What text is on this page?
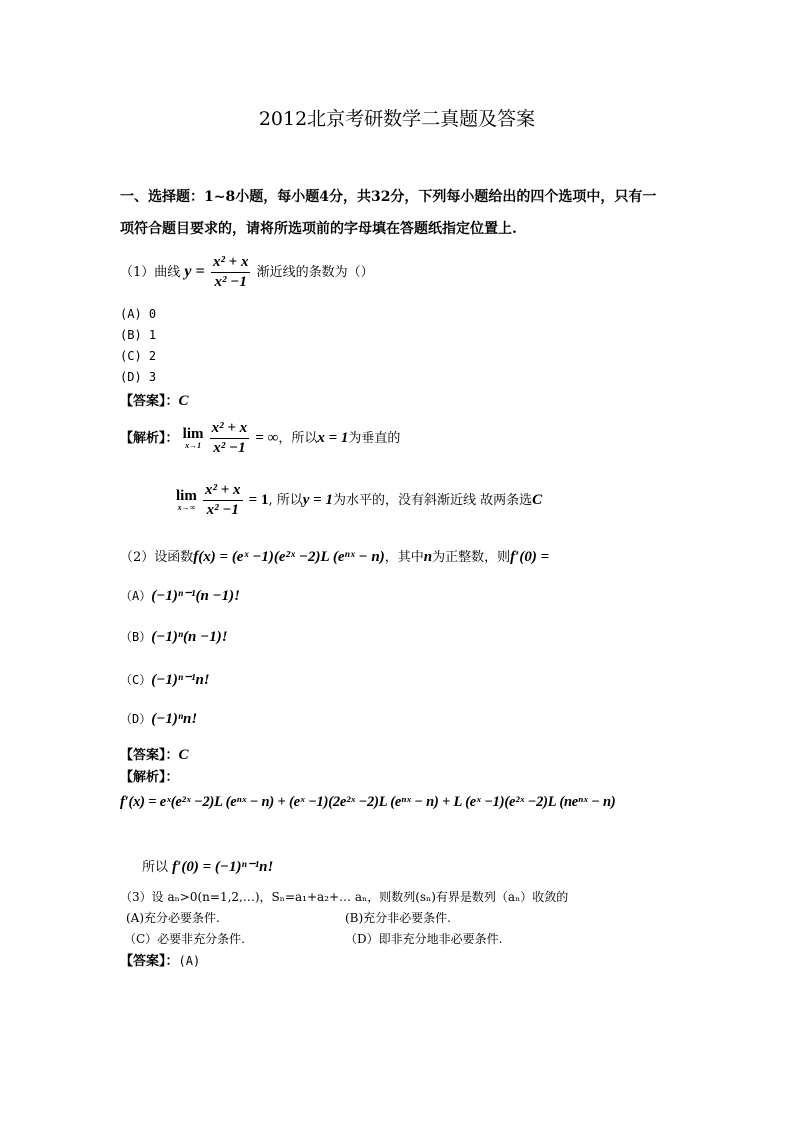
2012北京考研数学二真题及答案
一、选择题：1~8小题，每小题4分，共32分，下列每小题给出的四个选项中，只有一
项符合题目要求的，请将所选项前的字母填在答题纸指定位置上.
（1）曲线 $y = \frac{\text{x² + x}}{\text{x² −1}}$ 渐近线的条数为（）
(A) 0
(B) 1
(C) 2
(D) 3
【答案】：C
【解析】： lim
x→1
$\frac{\text{x² + x}}{\text{x² −1}}$ = ∞，所以x = 1为垂直的
lim
x→∞
$\frac{\text{x² + x}}{\text{x² −1}} = 1$, 所以y = 1为水平的，没有斜渐近线 故两条选C
（2）设函数f(x) = (eˣ −1)(e²ˣ −2)L (eⁿˣ − n)，其中n为正整数，则f′(0) =
（A）(−1)ⁿ⁻¹(n −1)!
（B）(−1)ⁿ(n −1)!
（C）(−1)ⁿ⁻¹n!
（D）(−1)ⁿn!
【答案】：C
【解析】：
f′(x) = eˣ(e²ˣ −2)L (eⁿˣ − n) + (eˣ −1)(2e²ˣ −2)L (eⁿˣ − n) + L (eˣ −1)(e²ˣ −2)L (neⁿˣ − n)
所以 f′(0) = (−1)ⁿ⁻¹n!
（3）设 aₙ>0(n=1,2,…)，Sₙ=a₁+a₂+… aₙ，则数列(sₙ)有界是数列（aₙ）收敛的
(A)充分必要条件.	(B)充分非必要条件.
（C）必要非充分条件.	（D）即非充分地非必要条件.
【答案】：(A)
